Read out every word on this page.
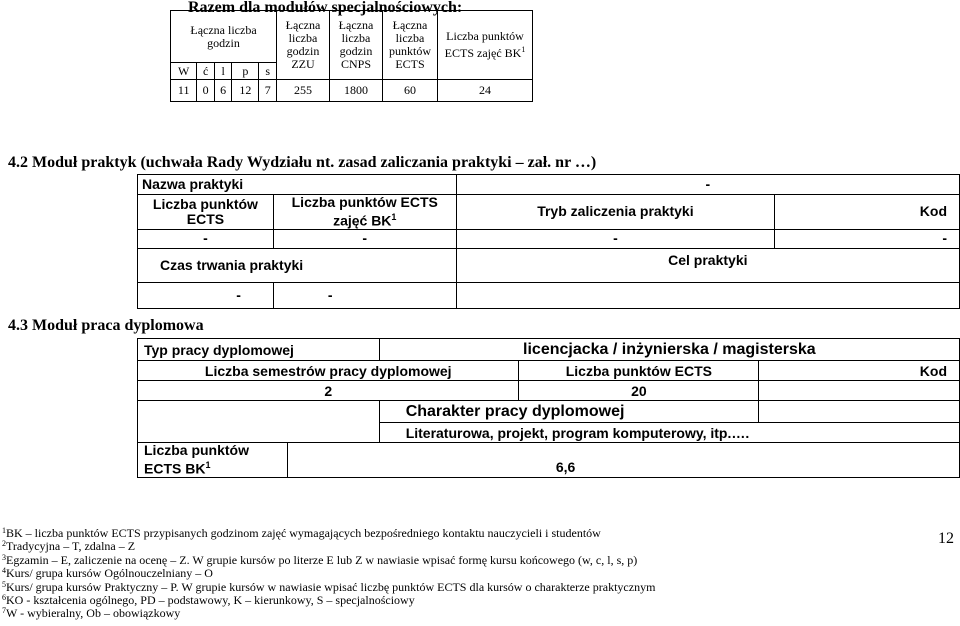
Razem dla modułów specjalnościowych:
Łączna liczba godzin					Łączna liczba godzin ZZU	Łączna liczba godzin CNPS	Łączna liczba punktów ECTS	Liczba punktów ECTS zajęć $BK^1$
W	ć	l	p	s				
11	0	6	12	7	255	1800	60	24
4.2 Moduł praktyk (uchwała Rady Wydziału nt. zasad zaliczania praktyki – zał. nr …)
Nazwa praktyki		-	
Liczba punktów ECTS	Liczba punktów ECTS zajęć $BK^1$	Tryb zaliczenia praktyki	Kod
-	-	-	-
Czas trwania praktyki		Cel praktyki	
-	-		
4.3 Moduł praca dyplomowa
Typ pracy dyplomowej		licencjacka / inżynierska / magisterska		
Liczba semestrów pracy dyplomowej			Liczba punktów ECTS	Kod
2			20	
		Charakter pracy dyplomowej		
		Literaturowa, projekt, program komputerowy, itp.….		
Liczba punktów ECTS $BK^1$	6,6			
$^1$BK – liczba punktów ECTS przypisanych godzinom zajęć wymagających bezpośredniego kontaktu nauczycieli i studentów
$^2$Tradycyjna – T, zdalna – Z
$^3$Egzamin – E, zaliczenie na ocenę – Z. W grupie kursów po literze E lub Z w nawiasie wpisać formę kursu końcowego (w, c, l, s, p)
$^4$Kurs/ grupa kursów Ogólnouczelniany – O
$^5$Kurs/ grupa kursów Praktyczny – P. W grupie kursów w nawiasie wpisać liczbę punktów ECTS dla kursów o charakterze praktycznym
$^6$KO - kształcenia ogólnego, PD – podstawowy, K – kierunkowy, S – specjalnościowy
$^7$W - wybieralny, Ob – obowiązkowy
12
